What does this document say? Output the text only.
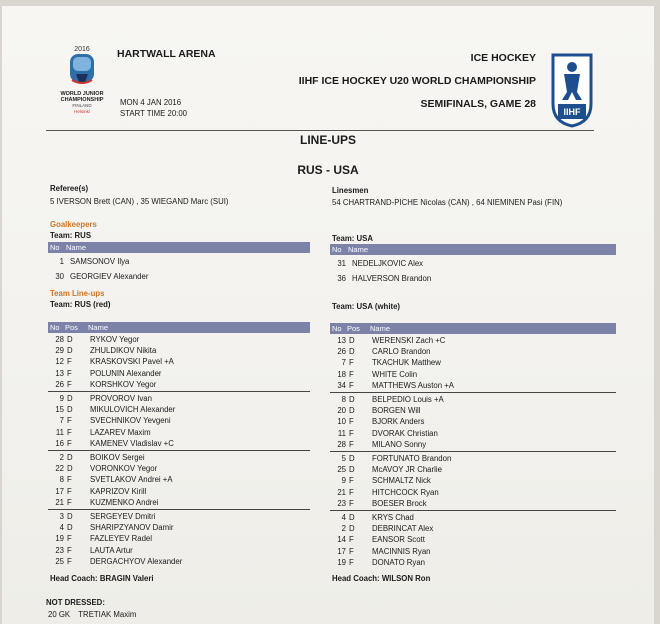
2016
WORLD JUNIOR
CHAMPIONSHIP
FINLAND
Helsinki
HARTWALL ARENA
MON 4 JAN 2016
START TIME 20:00
ICE HOCKEY
IIHF ICE HOCKEY U20 WORLD CHAMPIONSHIP
SEMIFINALS, GAME 28
IIHF
LINE-UPS
RUS - USA
Referee(s)
5 IVERSON Brett (CAN) , 35 WIEGAND Marc (SUI)
Linesmen
54 CHARTRAND-PICHE Nicolas (CAN) , 64 NIEMINEN Pasi (FIN)
Goalkeepers
Team: RUS	Team: USA
No Name	No Name
1 SAMSONOV Ilya
30 GEORGIEV Alexander
31 NEDELJKOVIC Alex
36 HALVERSON Brandon
Team Line-ups
Team: RUS (red)	Team: USA (white)
No Pos Name	No Pos Name
28 D RYKOV Yegor
29 D ZHULDIKOV Nikita
12 F KRASKOVSKI Pavel +A
13 F POLUNIN Alexander
26 F KORSHKOV Yegor
9 D PROVOROV Ivan
15 D MIKULOVICH Alexander
7 F SVECHNIKOV Yevgeni
11 F LAZAREV Maxim
16 F KAMENEV Vladislav +C
2 D BOIKOV Sergei
22 D VORONKOV Yegor
8 F SVETLAKOV Andrei +A
17 F KAPRIZOV Kirill
21 F KUZMENKO Andrei
3 D SERGEYEV Dmitri
4 D SHARIPZYANOV Damir
19 F FAZLEYEV Radel
23 F LAUTA Artur
25 F DERGACHYOV Alexander
13 D WERENSKI Zach +C
26 D CARLO Brandon
7 F TKACHUK Matthew
18 F WHITE Colin
34 F MATTHEWS Auston +A
8 D BELPEDIO Louis +A
20 D BORGEN Will
10 F BJORK Anders
11 F DVORAK Christian
28 F MILANO Sonny
5 D FORTUNATO Brandon
25 D McAVOY JR Charlie
9 F SCHMALTZ Nick
21 F HITCHCOCK Ryan
23 F BOESER Brock
4 D KRYS Chad
2 D DEBRINCAT Alex
14 F EANSOR Scott
17 F MACINNIS Ryan
19 F DONATO Ryan
Head Coach: BRAGIN Valeri	Head Coach: WILSON Ron
NOT DRESSED:
20 GK TRETIAK Maxim
